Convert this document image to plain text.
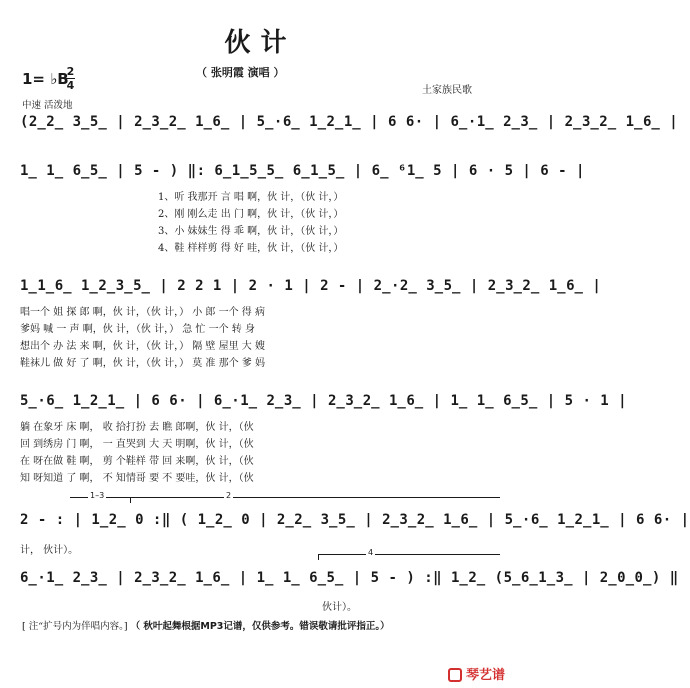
伙计
（ 张明霞 演唱 ）
土家族民歌
1= ♭B
2
4
中速 活泼地
(2̲2̲ 3̲5̲ | 2̲3̲2̲ 1̲6̲ | 5̲·6̲ 1̲2̲1̲ | 6 6· | 6̲·1̲ 2̲3̲ | 2̲3̲2̲ 1̲6̲ |
1̲ 1̲ 6̲5̲ | 5 - ) ‖: 6̲1̲5̲5̲ 6̲1̲5̲ | 6̲ ⁶1̲ 5 | 6 · 5 | 6 - |
1、听 我那开 言 唱 啊，伙 计，（伙 计，）
2、刚 刚么走 出 门 啊，伙 计，（伙 计，）
3、小 妹妹生 得 乖 啊，伙 计，（伙 计，）
4、鞋 样样剪 得 好 哇，伙 计，（伙 计，）
1̲1̲6̲ 1̲2̲3̲5̲ | 2 2 1 | 2 · 1 | 2 - | 2̲·2̲ 3̲5̲ | 2̲3̲2̲ 1̲6̲ |
唱一个 姐 探 郎 啊，伙 计，（伙 计，） 小 郎 一个 得 病
爹妈 喊 一 声 啊，伙 计，（伙 计，） 急 忙 一个 转 身
想出个 办 法 来 啊，伙 计，（伙 计，） 隔 壁 屋里 大 嫂
鞋袜儿 做 好 了 啊，伙 计，（伙 计，） 莫 准 那个 爹 妈
5̲·6̲ 1̲2̲1̲ | 6 6· | 6̲·1̲ 2̲3̲ | 2̲3̲2̲ 1̲6̲ | 1̲ 1̲ 6̲5̲ | 5 · 1 |
躺 在象牙 床 啊， 收 拾打扮 去 瞧 郎啊，伙 计，（伙
回 到绣房 门 啊， 一 直哭到 大 天 明啊，伙 计，（伙
在 呀在做 鞋 啊， 剪 个鞋样 带 回 来啊，伙 计，（伙
知 呀知道 了 啊， 不 知情哥 要 不 要哇，伙 计，（伙
1–3	2
2 - : | 1̲2̲ 0 :‖ ( 1̲2̲ 0 | 2̲2̲ 3̲5̲ | 2̲3̲2̲ 1̲6̲ | 5̲·6̲ 1̲2̲1̲ | 6 6· |
计， 伙计）。	4
6̲·1̲ 2̲3̲ | 2̲3̲2̲ 1̲6̲ | 1̲ 1̲ 6̲5̲ | 5 - ) :‖ 1̲2̲ (5̲6̲1̲3̲ | 2̲0̲0̲) ‖
伙计）。
[ 注“扩号内为伴唱内容。] （ 秋叶起舞根据MP3记谱，仅供参考。错误敬请批评指正。）
琴艺谱
